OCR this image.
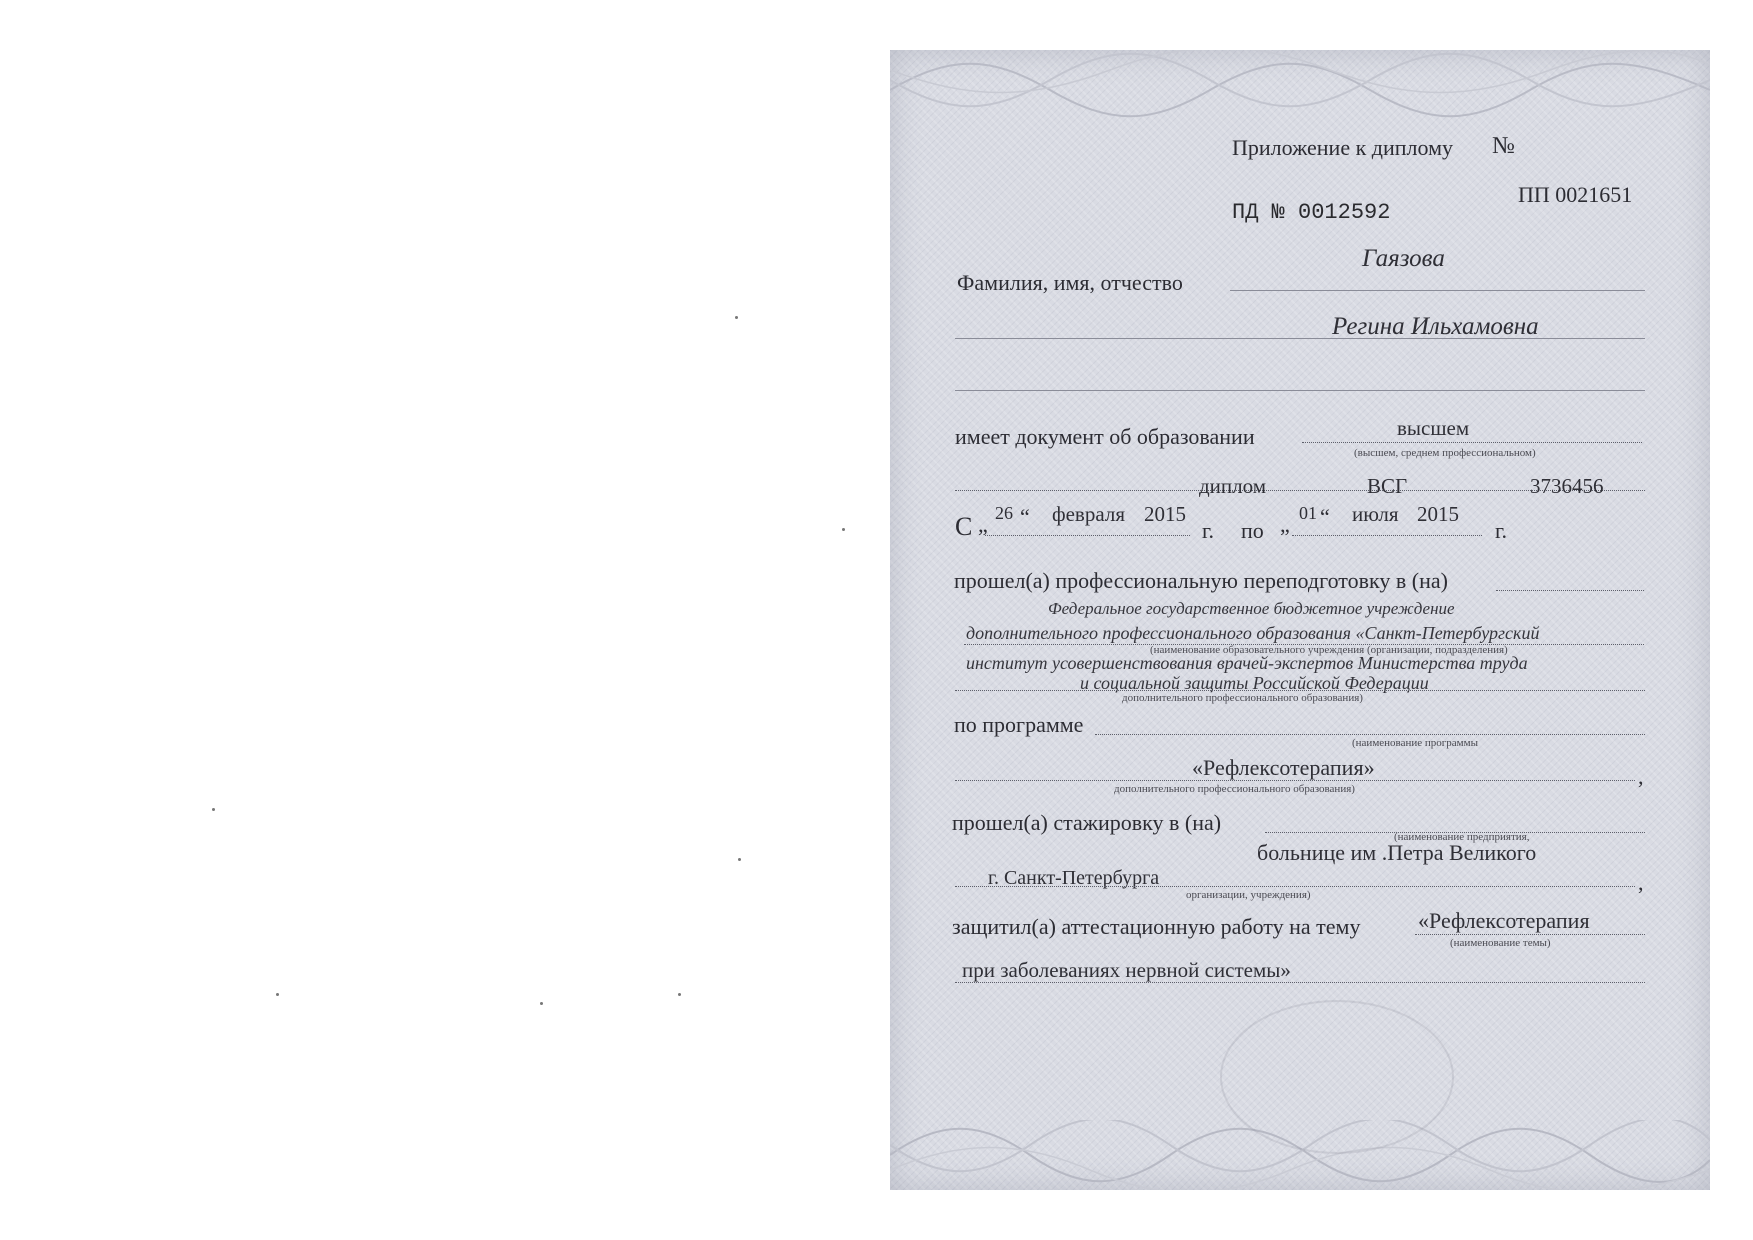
Приложение к диплому №
ПД № 0012592
ПП 0021651
Фамилия, имя, отчество
Гаязова
Регина Ильхамовна
имеет документ об образовании	высшем
(высшем, среднем профессиональном)
диплом	ВСГ	3736456
С „ 26 “ февраля 2015
г. по „ 01 “ июля 2015
г.
прошел(а) профессиональную переподготовку в (на)
Федеральное государственное бюджетное учреждение
дополнительного профессионального образования «Санкт-Петербургский
(наименование образовательного учреждения (организации, подразделения)
институт усовершенствования врачей-экспертов Министерства труда
и социальной защиты Российской Федерации
дополнительного профессионального образования)
по программе
(наименование программы
«Рефлексотерапия»	,
дополнительного профессионального образования)
прошел(а) стажировку в (на)
(наименование предприятия,
больнице им .Петра Великого
г. Санкт-Петербурга	,
организации, учреждения)
защитил(а) аттестационную работу на тему	«Рефлексотерапия
(наименование темы)
при заболеваниях нервной системы»
